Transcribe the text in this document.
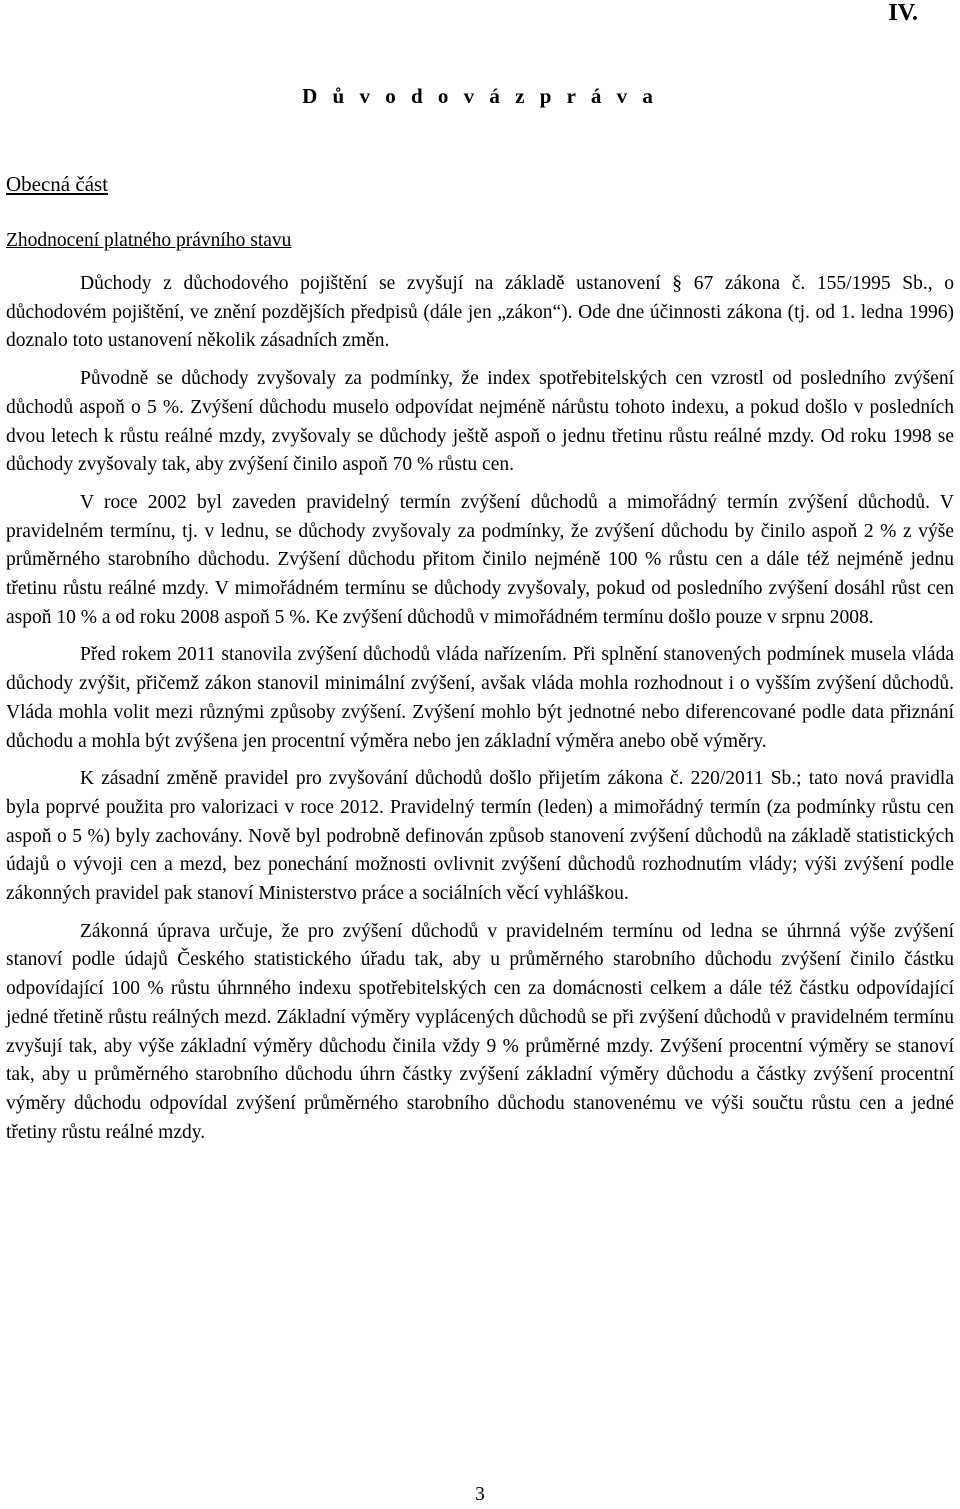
IV.
D ů v o d o v á z p r á v a
Obecná část
Zhodnocení platného právního stavu

Důchody z důchodového pojištění se zvyšují na základě ustanovení § 67 zákona č. 155/1995 Sb., o důchodovém pojištění, ve znění pozdějších předpisů (dále jen „zákon“). Ode dne účinnosti zákona (tj. od 1. ledna 1996) doznalo toto ustanovení několik zásadních změn.

Původně se důchody zvyšovaly za podmínky, že index spotřebitelských cen vzrostl od posledního zvýšení důchodů aspoň o 5 %. Zvýšení důchodu muselo odpovídat nejméně nárůstu tohoto indexu, a pokud došlo v posledních dvou letech k růstu reálné mzdy, zvyšovaly se důchody ještě aspoň o jednu třetinu růstu reálné mzdy. Od roku 1998 se důchody zvyšovaly tak, aby zvýšení činilo aspoň 70 % růstu cen.

V roce 2002 byl zaveden pravidelný termín zvýšení důchodů a mimořádný termín zvýšení důchodů. V pravidelném termínu, tj. v lednu, se důchody zvyšovaly za podmínky, že zvýšení důchodu by činilo aspoň 2 % z výše průměrného starobního důchodu. Zvýšení důchodu přitom činilo nejméně 100 % růstu cen a dále též nejméně jednu třetinu růstu reálné mzdy. V mimořádném termínu se důchody zvyšovaly, pokud od posledního zvýšení dosáhl růst cen aspoň 10 % a od roku 2008 aspoň 5 %. Ke zvýšení důchodů v mimořádném termínu došlo pouze v srpnu 2008.

Před rokem 2011 stanovila zvýšení důchodů vláda nařízením. Při splnění stanovených podmínek musela vláda důchody zvýšit, přičemž zákon stanovil minimální zvýšení, avšak vláda mohla rozhodnout i o vyšším zvýšení důchodů. Vláda mohla volit mezi různými způsoby zvýšení. Zvýšení mohlo být jednotné nebo diferencované podle data přiznání důchodu a mohla být zvýšena jen procentní výměra nebo jen základní výměra anebo obě výměry.

K zásadní změně pravidel pro zvyšování důchodů došlo přijetím zákona č. 220/2011 Sb.; tato nová pravidla byla poprvé použita pro valorizaci v roce 2012. Pravidelný termín (leden) a mimořádný termín (za podmínky růstu cen aspoň o 5 %) byly zachovány. Nově byl podrobně definován způsob stanovení zvýšení důchodů na základě statistických údajů o vývoji cen a mezd, bez ponechání možnosti ovlivnit zvýšení důchodů rozhodnutím vlády; výši zvýšení podle zákonných pravidel pak stanoví Ministerstvo práce a sociálních věcí vyhláškou.

Zákonná úprava určuje, že pro zvýšení důchodů v pravidelném termínu od ledna se úhrnná výše zvýšení stanoví podle údajů Českého statistického úřadu tak, aby u průměrného starobního důchodu zvýšení činilo částku odpovídající 100 % růstu úhrnného indexu spotřebitelských cen za domácnosti celkem a dále též částku odpovídající jedné třetině růstu reálných mezd. Základní výměry vyplácených důchodů se při zvýšení důchodů v pravidelném termínu zvyšují tak, aby výše základní výměry důchodu činila vždy 9 % průměrné mzdy. Zvýšení procentní výměry se stanoví tak, aby u průměrného starobního důchodu úhrn částky zvýšení základní výměry důchodu a částky zvýšení procentní výměry důchodu odpovídal zvýšení průměrného starobního důchodu stanovenému ve výši součtu růstu cen a jedné třetiny růstu reálné mzdy.

3
